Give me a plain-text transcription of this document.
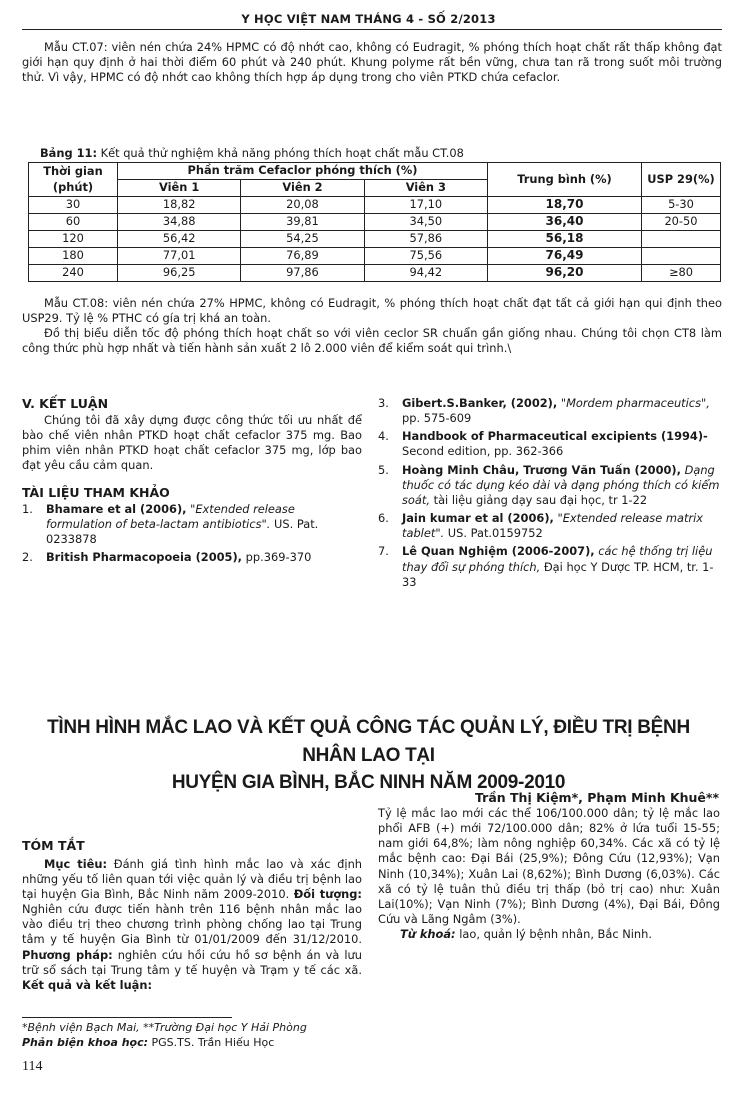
Y HỌC VIỆT NAM THÁNG 4 - SỐ 2/2013

Mẫu CT.07: viên nén chứa 24% HPMC có độ nhớt cao, không có Eudragit, % phóng thích hoạt chất rất thấp không đạt giới hạn quy định ở hai thời điểm 60 phút và 240 phút. Khung polyme rất bền vững, chưa tan rã trong suốt môi trường thử. Vì vậy, HPMC có độ nhớt cao không thích hợp áp dụng trong cho viên PTKD chứa cefaclor.

Bảng 11: Kết quả thử nghiệm khả năng phóng thích hoạt chất mẫu CT.08
Thời gian (phút)	Phần trăm Cefaclor phóng thích (%)			Trung bình (%)	USP 29(%)
	Viên 1	Viên 2	Viên 3		
30	18,82	20,08	17,10	18,70	5-30
60	34,88	39,81	34,50	36,40	20-50
120	56,42	54,25	57,86	56,18	
180	77,01	76,89	75,56	76,49	
240	96,25	97,86	94,42	96,20	≥80

Mẫu CT.08: viên nén chứa 27% HPMC, không có Eudragit, % phóng thích hoạt chất đạt tất cả giới hạn qui định theo USP29. Tỷ lệ % PTHC có gía trị khá an toàn.

Đồ thị biểu diễn tốc độ phóng thích hoạt chất so với viên ceclor SR chuẩn gần giống nhau. Chúng tôi chọn CT8 làm công thức phù hợp nhất và tiến hành sản xuất 2 lô 2.000 viên để kiểm soát qui trình.\

V. KẾT LUẬN

Chúng tôi đã xây dựng được công thức tối ưu nhất để bào chế viên nhân PTKD hoạt chất cefaclor 375 mg. Bao phim viên nhân PTKD hoạt chất cefaclor 375 mg, lớp bao đạt yêu cầu cảm quan.

TÀI LIỆU THAM KHẢO
1. Bhamare et al (2006), "Extended release formulation of beta-lactam antibiotics". US. Pat. 0233878
2. British Pharmacopoeia (2005), pp.369-370
3. Gibert.S.Banker, (2002), "Mordem pharmaceutics", pp. 575-609
4. Handbook of Pharmaceutical excipients (1994)- Second edition, pp. 362-366
5. Hoàng Minh Châu, Trương Văn Tuấn (2000), Dạng thuốc có tác dụng kéo dài và dạng phóng thích có kiểm soát, tài liệu giảng dạy sau đại học, tr 1-22
6. Jain kumar et al (2006), "Extended release matrix tablet". US. Pat.0159752
7. Lê Quan Nghiệm (2006-2007), các hệ thống trị liệu thay đổi sự phóng thích, Đại học Y Dược TP. HCM, tr. 1-33
TÌNH HÌNH MẮC LAO VÀ KẾT QUẢ CÔNG TÁC QUẢN LÝ, ĐIỀU TRỊ BỆNH NHÂN LAO TẠI
HUYỆN GIA BÌNH, BẮC NINH NĂM 2009-2010
Trần Thị Kiệm*, Phạm Minh Khuê**
TÓM TẮT

Mục tiêu: Đánh giá tình hình mắc lao và xác định những yếu tố liên quan tới việc quản lý và điều trị bệnh lao tại huyện Gia Bình, Bắc Ninh năm 2009-2010. Đối tượng: Nghiên cứu được tiến hành trên 116 bệnh nhân mắc lao vào điều trị theo chương trình phòng chống lao tại Trung tâm y tế huyện Gia Bình từ 01/01/2009 đến 31/12/2010. Phương pháp: nghiên cứu hồi cứu hồ sơ bệnh án và lưu trữ sổ sách tại Trung tâm y tế huyện và Trạm y tế các xã. Kết quả và kết luận:

Tỷ lệ mắc lao mới các thể 106/100.000 dân; tỷ lệ mắc lao phổi AFB (+) mới 72/100.000 dân; 82% ở lứa tuổi 15-55; nam giới 64,8%; làm nông nghiệp 60,34%. Các xã có tỷ lệ mắc bệnh cao: Đại Bái (25,9%); Đông Cứu (12,93%); Vạn Ninh (10,34%); Xuân Lai (8,62%); Bình Dương (6,03%). Các xã có tỷ lệ tuân thủ điều trị thấp (bỏ trị cao) như: Xuân Lai(10%); Vạn Ninh (7%); Bình Dương (4%), Đại Bái, Đông Cứu và Lãng Ngâm (3%).

Từ khoá: lao, quản lý bệnh nhân, Bắc Ninh.

*Bệnh viện Bạch Mai, **Trường Đại học Y Hải Phòng
Phản biện khoa học: PGS.TS. Trần Hiếu Học
114
